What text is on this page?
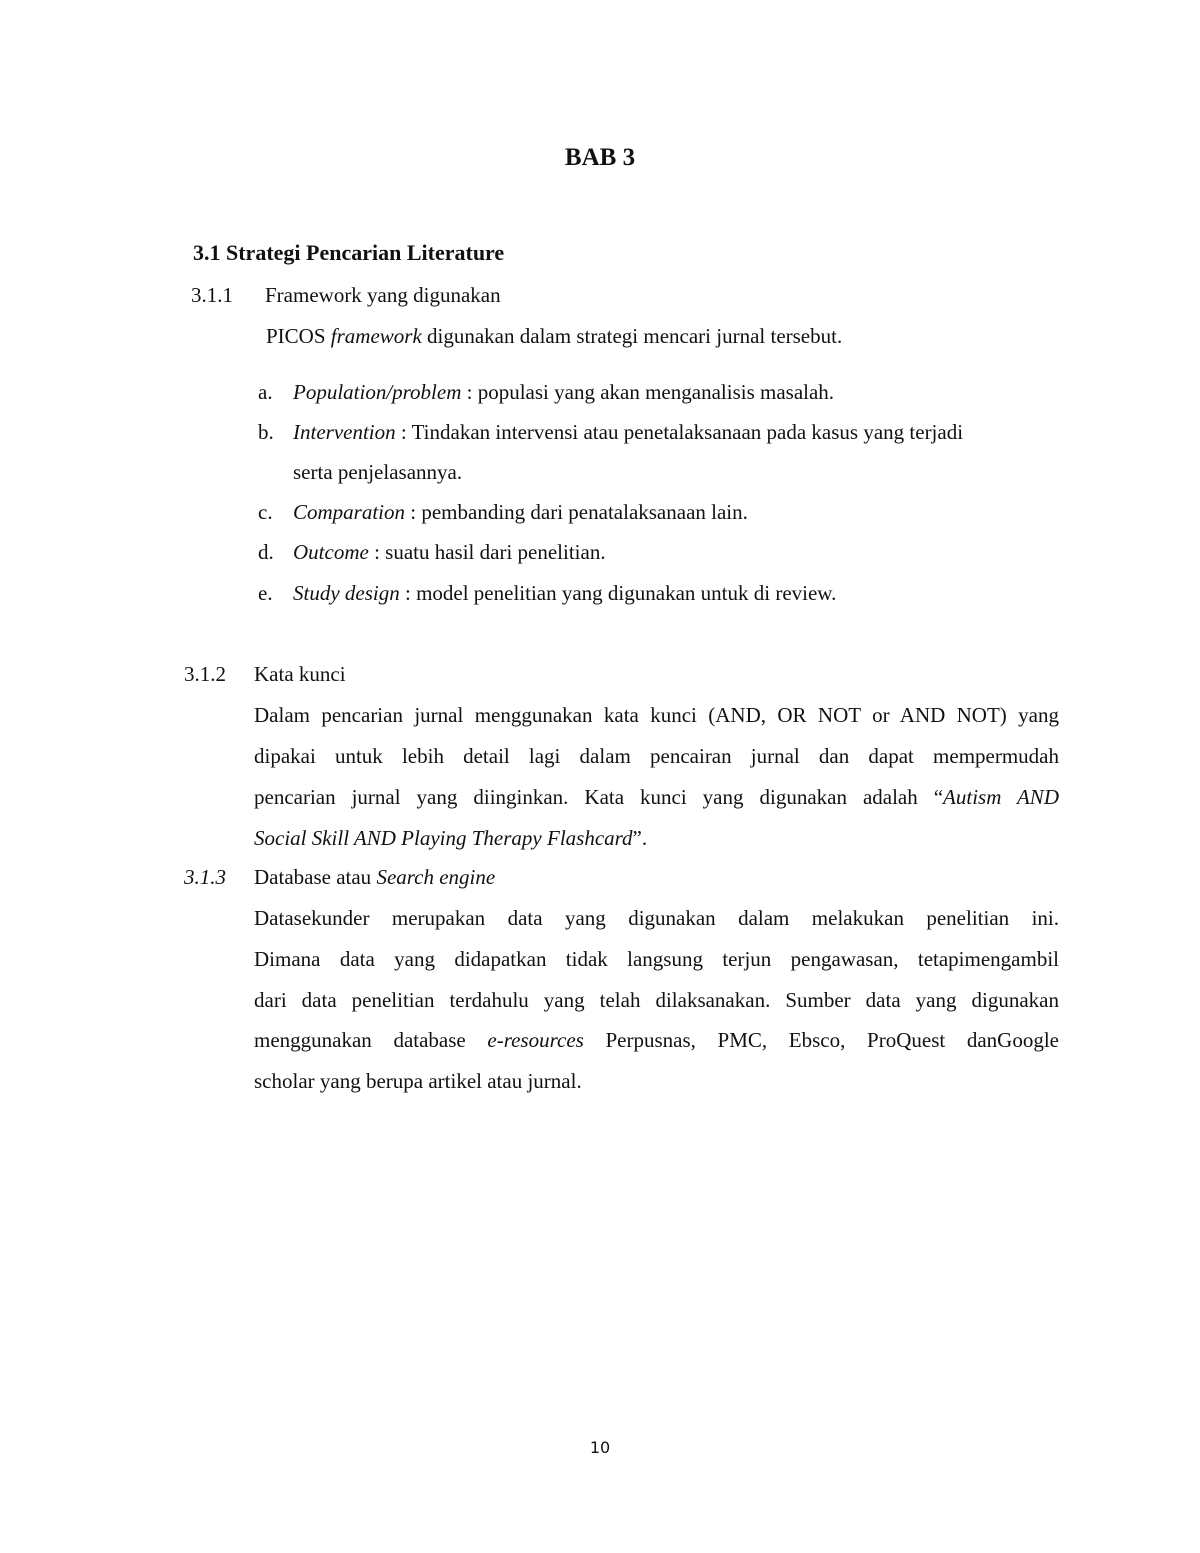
BAB 3
3.1 Strategi Pencarian Literature
3.1.1 Framework yang digunakan
PICOS framework digunakan dalam strategi mencari jurnal tersebut.
a. Population/problem : populasi yang akan menganalisis masalah.
b. Intervention : Tindakan intervensi atau penetalaksanaan pada kasus yang terjadi
serta penjelasannya.
c. Comparation : pembanding dari penatalaksanaan lain.
d. Outcome : suatu hasil dari penelitian.
e. Study design : model penelitian yang digunakan untuk di review.
3.1.2 Kata kunci
Dalam pencarian jurnal menggunakan kata kunci (AND, OR NOT or AND NOT) yang
dipakai untuk lebih detail lagi dalam pencairan jurnal dan dapat mempermudah
pencarian jurnal yang diinginkan. Kata kunci yang digunakan adalah “Autism AND
Social Skill AND Playing Therapy Flashcard”.
3.1.3 Database atau Search engine
Datasekunder merupakan data yang digunakan dalam melakukan penelitian ini.
Dimana data yang didapatkan tidak langsung terjun pengawasan, tetapimengambil
dari data penelitian terdahulu yang telah dilaksanakan. Sumber data yang digunakan
menggunakan database e-resources Perpusnas, PMC, Ebsco, ProQuest danGoogle
scholar yang berupa artikel atau jurnal.
10
